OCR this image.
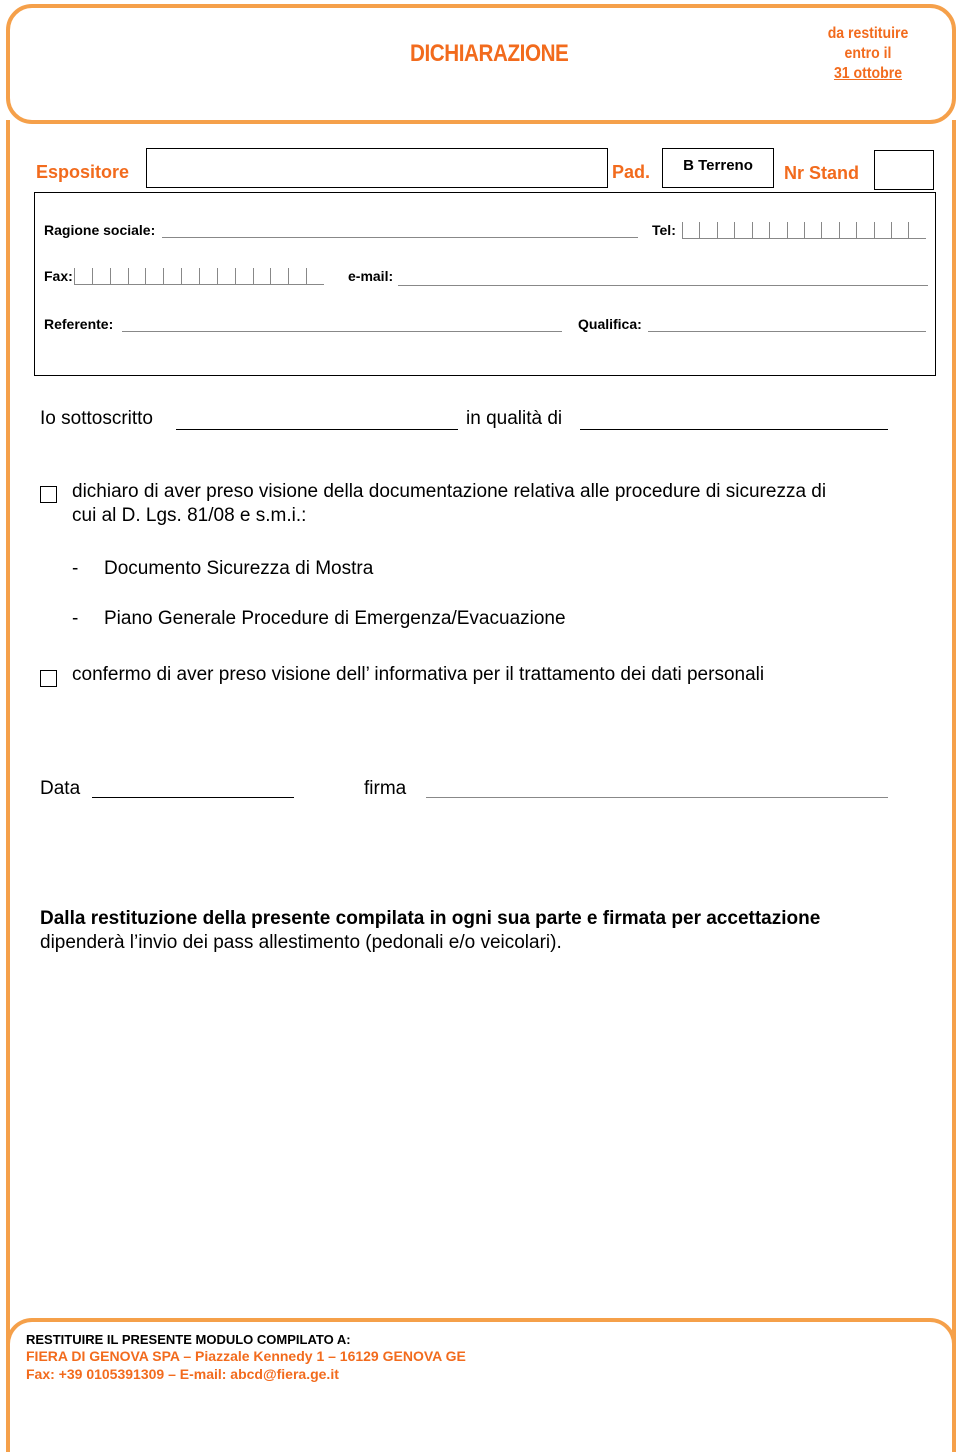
DICHIARAZIONE
da restituire
entro il
31 ottobre
Espositore	Pad.	B Terreno	Nr Stand
Ragione sociale:	Tel:
Fax:	e-mail:
Referente:	Qualifica:
Io sottoscritto	in qualità di
dichiaro di aver preso visione della documentazione relativa alle procedure di sicurezza di
cui al D. Lgs. 81/08 e s.m.i.:
- Documento Sicurezza di Mostra
- Piano Generale Procedure di Emergenza/Evacuazione
confermo di aver preso visione dell’ informativa per il trattamento dei dati personali
Data	firma
Dalla restituzione della presente compilata in ogni sua parte e firmata per accettazione
dipenderà l’invio dei pass allestimento (pedonali e/o veicolari).
RESTITUIRE IL PRESENTE MODULO COMPILATO A:
FIERA DI GENOVA SPA – Piazzale Kennedy 1 – 16129 GENOVA GE
Fax: +39 0105391309 – E-mail: abcd@fiera.ge.it
